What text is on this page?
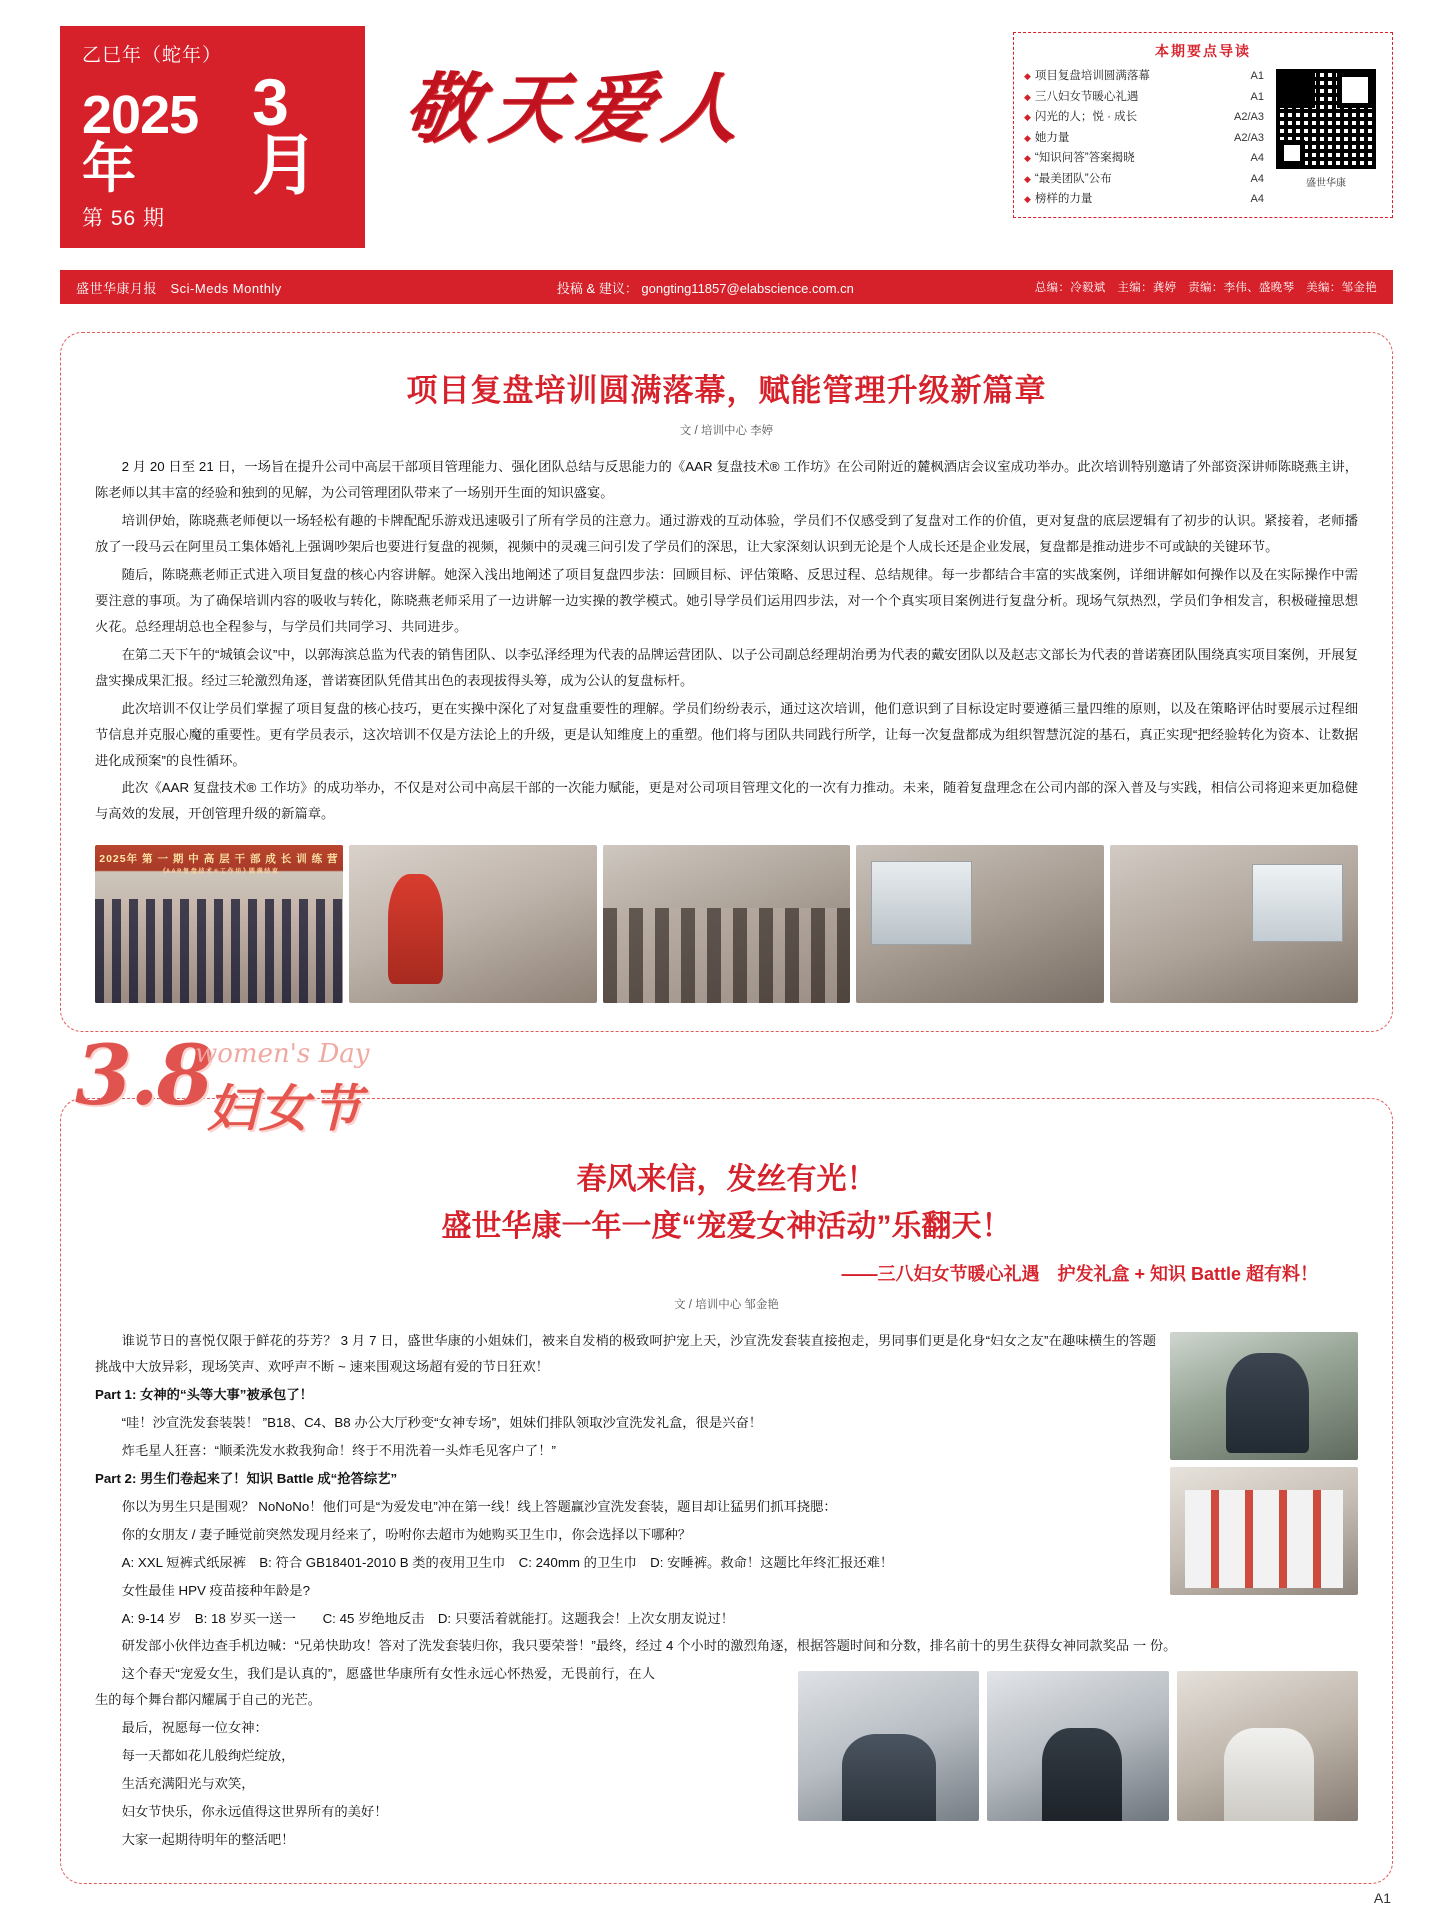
乙巳年（蛇年）
2025年
3月
第 56 期
敬天爱人
本期要点导读
◆ 项目复盘培训圆满落幕	A1
◆ 三八妇女节暖心礼遇	A1
◆ 闪光的人；悦 · 成长	A2/A3
◆ 她力量	A2/A3
◆ “知识问答”答案揭晓	A4
◆ “最美团队”公布	A4
◆ 榜样的力量	A4
盛世华康
盛世华康月报　Sci-Meds Monthly	投稿 & 建议： gongting11857@elabscience.com.cn	总编：冷毅斌　主编：龚婷　责编：李伟、盛晚琴　美编：邹金艳
项目复盘培训圆满落幕，赋能管理升级新篇章
文 / 培训中心 李婷

2 月 20 日至 21 日，一场旨在提升公司中高层干部项目管理能力、强化团队总结与反思能力的《AAR 复盘技术® 工作坊》在公司附近的麓枫酒店会议室成功举办。此次培训特别邀请了外部资深讲师陈晓燕主讲，陈老师以其丰富的经验和独到的见解，为公司管理团队带来了一场别开生面的知识盛宴。

培训伊始，陈晓燕老师便以一场轻松有趣的卡牌配配乐游戏迅速吸引了所有学员的注意力。通过游戏的互动体验，学员们不仅感受到了复盘对工作的价值，更对复盘的底层逻辑有了初步的认识。紧接着，老师播放了一段马云在阿里员工集体婚礼上强调吵架后也要进行复盘的视频，视频中的灵魂三问引发了学员们的深思，让大家深刻认识到无论是个人成长还是企业发展，复盘都是推动进步不可或缺的关键环节。

随后，陈晓燕老师正式进入项目复盘的核心内容讲解。她深入浅出地阐述了项目复盘四步法：回顾目标、评估策略、反思过程、总结规律。每一步都结合丰富的实战案例，详细讲解如何操作以及在实际操作中需要注意的事项。为了确保培训内容的吸收与转化，陈晓燕老师采用了一边讲解一边实操的教学模式。她引导学员们运用四步法，对一个个真实项目案例进行复盘分析。现场气氛热烈，学员们争相发言，积极碰撞思想火花。总经理胡总也全程参与，与学员们共同学习、共同进步。

在第二天下午的“城镇会议”中，以郭海滨总监为代表的销售团队、以李弘泽经理为代表的品牌运营团队、以子公司副总经理胡治勇为代表的戴安团队以及赵志文部长为代表的普诺赛团队围绕真实项目案例，开展复盘实操成果汇报。经过三轮激烈角逐，普诺赛团队凭借其出色的表现拔得头筹，成为公认的复盘标杆。

此次培训不仅让学员们掌握了项目复盘的核心技巧，更在实操中深化了对复盘重要性的理解。学员们纷纷表示，通过这次培训，他们意识到了目标设定时要遵循三量四维的原则，以及在策略评估时要展示过程细节信息并克服心魔的重要性。更有学员表示，这次培训不仅是方法论上的升级，更是认知维度上的重塑。他们将与团队共同践行所学，让每一次复盘都成为组织智慧沉淀的基石，真正实现“把经验转化为资本、让数据进化成预案”的良性循环。

此次《AAR 复盘技术® 工作坊》的成功举办，不仅是对公司中高层干部的一次能力赋能，更是对公司项目管理文化的一次有力推动。未来，随着复盘理念在公司内部的深入普及与实践，相信公司将迎来更加稳健与高效的发展，开创管理升级的新篇章。

2025年 第 一 期 中 高 层 干 部 成 长 训 练 营
《A A R 复 盘 技 术 ® 工 作 坊 》圆 满 结 束
3.8
women's Day
妇女节
春风来信，发丝有光！
盛世华康一年一度“宠爱女神活动”乐翻天！
——三八妇女节暖心礼遇　护发礼盒 + 知识 Battle 超有料！
文 / 培训中心 邹金艳

谁说节日的喜悦仅限于鲜花的芬芳？ 3 月 7 日，盛世华康的小姐妹们，被来自发梢的极致呵护宠上天，沙宣洗发套装直接抱走，男同事们更是化身“妇女之友”在趣味横生的答题挑战中大放异彩，现场笑声、欢呼声不断 ~ 速来围观这场超有爱的节日狂欢！

Part 1: 女神的“头等大事”被承包了！

“哇！沙宣洗发套装裝！ ”B18、C4、B8 办公大厅秒变“女神专场”，姐妹们排队领取沙宣洗发礼盒，很是兴奋！

炸毛星人狂喜：“顺柔洗发水救我狗命！终于不用洗着一头炸毛见客户了！”

Part 2: 男生们卷起来了！知识 Battle 成“抢答综艺”

你以为男生只是围观？ NoNoNo！他们可是“为爱发电”冲在第一线！线上答题赢沙宣洗发套装，题目却让猛男们抓耳挠腮：

你的女朋友 / 妻子睡觉前突然发现月经来了，吩咐你去超市为她购买卫生巾，你会选择以下哪种？

A: XXL 短裤式纸尿裤　B: 符合 GB18401-2010 B 类的夜用卫生巾　C: 240mm 的卫生巾　D: 安睡裤。救命！这题比年终汇报还难！

女性最佳 HPV 疫苗接种年龄是?

A: 9-14 岁　B: 18 岁买一送一　　C: 45 岁绝地反击　D: 只要活着就能打。这题我会！上次女朋友说过！

研发部小伙伴边查手机边喊：“兄弟快助攻！答对了洗发套装归你，我只要荣誉！”最终，经过 4 个小时的激烈角逐，根据答题时间和分数，排名前十的男生获得女神同款奖品 一 份。

这个春天“宠爱女生，我们是认真的”，愿盛世华康所有女性永远心怀热爱，无畏前行，在人生的每个舞台都闪耀属于自己的光芒。

最后，祝愿每一位女神：

每一天都如花儿般绚烂绽放，

生活充满阳光与欢笑，

妇女节快乐，你永远值得这世界所有的美好！

大家一起期待明年的整活吧！

A1
